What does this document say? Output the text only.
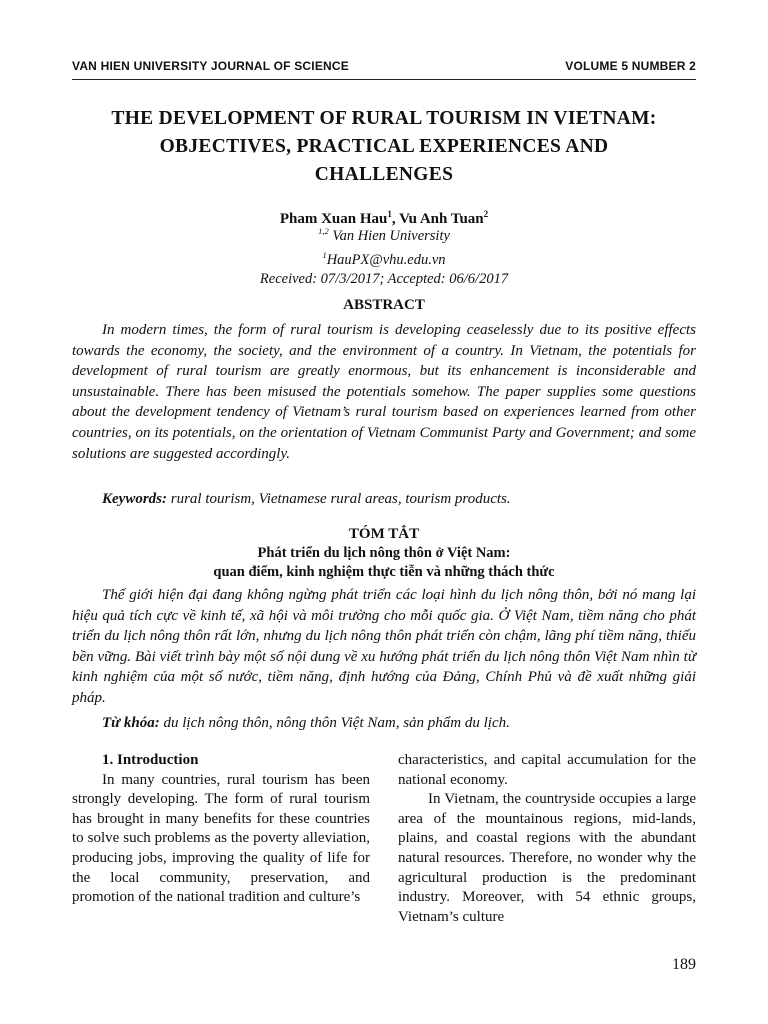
VAN HIEN UNIVERSITY JOURNAL OF SCIENCE	VOLUME 5 NUMBER 2
THE DEVELOPMENT OF RURAL TOURISM IN VIETNAM:
OBJECTIVES, PRACTICAL EXPERIENCES AND
CHALLENGES
Pham Xuan Hau$^1$, Vu Anh Tuan$^2$
$^{1,2}$ Van Hien University
$^1$HauPX@vhu.edu.vn
Received: 07/3/2017; Accepted: 06/6/2017
ABSTRACT

In modern times, the form of rural tourism is developing ceaselessly due to its positive effects towards the economy, the society, and the environment of a country. In Vietnam, the potentials for development of rural tourism are greatly enormous, but its enhancement is inconsiderable and unsustainable. There has been misused the potentials somehow. The paper supplies some questions about the development tendency of Vietnam’s rural tourism based on experiences learned from other countries, on its potentials, on the orientation of Vietnam Communist Party and Government; and some solutions are suggested accordingly.

Keywords: rural tourism, Vietnamese rural areas, tourism products.
TÓM TẮT
Phát triển du lịch nông thôn ở Việt Nam:
quan điểm, kinh nghiệm thực tiễn và những thách thức

Thế giới hiện đại đang không ngừng phát triển các loại hình du lịch nông thôn, bởi nó mang lại hiệu quả tích cực về kinh tế, xã hội và môi trường cho mỗi quốc gia. Ở Việt Nam, tiềm năng cho phát triển du lịch nông thôn rất lớn, nhưng du lịch nông thôn phát triển còn chậm, lãng phí tiềm năng, thiếu bền vững. Bài viết trình bày một số nội dung về xu hướng phát triển du lịch nông thôn Việt Nam nhìn từ kinh nghiệm của một số nước, tiềm năng, định hướng của Đảng, Chính Phủ và đề xuất những giải pháp.

Từ khóa: du lịch nông thôn, nông thôn Việt Nam, sản phẩm du lịch.
1. Introduction

In many countries, rural tourism has been strongly developing. The form of rural tourism has brought in many benefits for these countries to solve such problems as the poverty alleviation, producing jobs, improving the quality of life for the local community, preservation, and promotion of the national tradition and culture’s

characteristics, and capital accumulation for the national economy.

In Vietnam, the countryside occupies a large area of the mountainous regions, mid-lands, plains, and coastal regions with the abundant natural resources. Therefore, no wonder why the agricultural production is the predominant industry. Moreover, with 54 ethnic groups, Vietnam’s culture

189
